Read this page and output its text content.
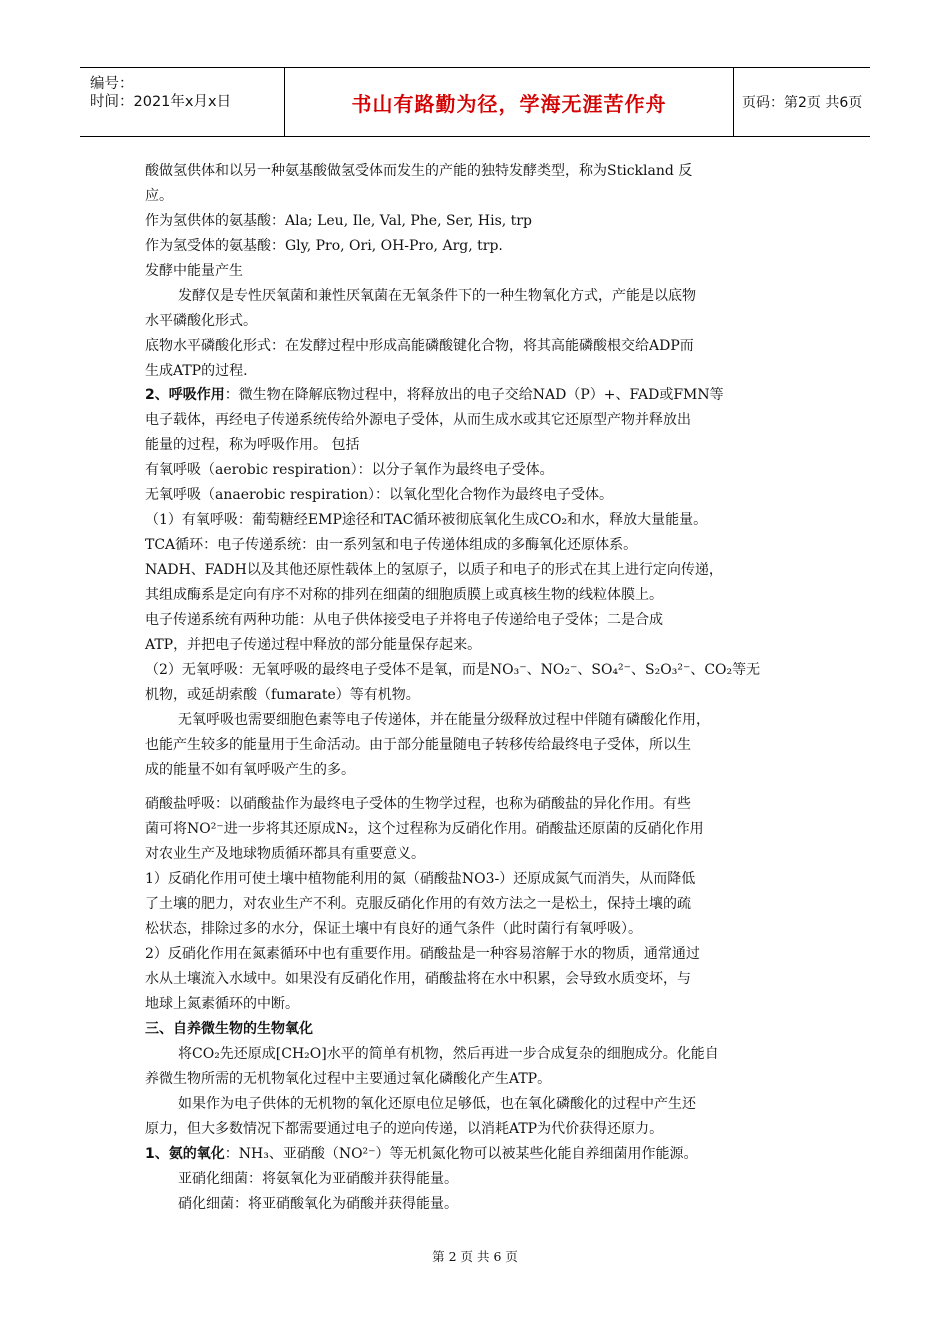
编号：
时间：2021年x月x日	书山有路勤为径，学海无涯苦作舟	页码：第2页 共6页
酸做氢供体和以另一种氨基酸做氢受体而发生的产能的独特发酵类型，称为Stickland 反
应。
作为氢供体的氨基酸：Ala; Leu, Ile, Val, Phe, Ser, His, trp
作为氢受体的氨基酸：Gly, Pro, Ori, OH-Pro, Arg, trp.
发酵中能量产生
发酵仅是专性厌氧菌和兼性厌氧菌在无氧条件下的一种生物氧化方式，产能是以底物
水平磷酸化形式。
底物水平磷酸化形式：在发酵过程中形成高能磷酸键化合物，将其高能磷酸根交给ADP而
生成ATP的过程.
2、呼吸作用：微生物在降解底物过程中，将释放出的电子交给NAD（P）+、FAD或FMN等
电子载体，再经电子传递系统传给外源电子受体，从而生成水或其它还原型产物并释放出
能量的过程，称为呼吸作用。 包括
有氧呼吸（aerobic respiration）：以分子氧作为最终电子受体。
无氧呼吸（anaerobic respiration）：以氧化型化合物作为最终电子受体。
（1）有氧呼吸：葡萄糖经EMP途径和TAC循环被彻底氧化生成CO₂和水，释放大量能量。
TCA循环：电子传递系统：由一系列氢和电子传递体组成的多酶氧化还原体系。
NADH、FADH以及其他还原性载体上的氢原子，以质子和电子的形式在其上进行定向传递，
其组成酶系是定向有序不对称的排列在细菌的细胞质膜上或真核生物的线粒体膜上。
电子传递系统有两种功能：从电子供体接受电子并将电子传递给电子受体；二是合成
ATP，并把电子传递过程中释放的部分能量保存起来。
（2）无氧呼吸：无氧呼吸的最终电子受体不是氧，而是NO₃⁻、NO₂⁻、SO₄²⁻、S₂O₃²⁻、CO₂等无
机物，或延胡索酸（fumarate）等有机物。
无氧呼吸也需要细胞色素等电子传递体，并在能量分级释放过程中伴随有磷酸化作用，
也能产生较多的能量用于生命活动。由于部分能量随电子转移传给最终电子受体，所以生
成的能量不如有氧呼吸产生的多。
硝酸盐呼吸：以硝酸盐作为最终电子受体的生物学过程，也称为硝酸盐的异化作用。有些
菌可将NO²⁻进一步将其还原成N₂，这个过程称为反硝化作用。硝酸盐还原菌的反硝化作用
对农业生产及地球物质循环都具有重要意义。
1）反硝化作用可使土壤中植物能利用的氮（硝酸盐NO3-）还原成氮气而消失，从而降低
了土壤的肥力，对农业生产不利。克服反硝化作用的有效方法之一是松土，保持土壤的疏
松状态，排除过多的水分，保证土壤中有良好的通气条件（此时菌行有氧呼吸）。
2）反硝化作用在氮素循环中也有重要作用。硝酸盐是一种容易溶解于水的物质，通常通过
水从土壤流入水域中。如果没有反硝化作用，硝酸盐将在水中积累，会导致水质变坏，与
地球上氮素循环的中断。
三、自养微生物的生物氧化
将CO₂先还原成[CH₂O]水平的简单有机物，然后再进一步合成复杂的细胞成分。化能自
养微生物所需的无机物氧化过程中主要通过氧化磷酸化产生ATP。
如果作为电子供体的无机物的氧化还原电位足够低，也在氧化磷酸化的过程中产生还
原力，但大多数情况下都需要通过电子的逆向传递，以消耗ATP为代价获得还原力。
1、氨的氧化：NH₃、亚硝酸（NO²⁻）等无机氮化物可以被某些化能自养细菌用作能源。
亚硝化细菌：将氨氧化为亚硝酸并获得能量。
硝化细菌：将亚硝酸氧化为硝酸并获得能量。
第 2 页 共 6 页
